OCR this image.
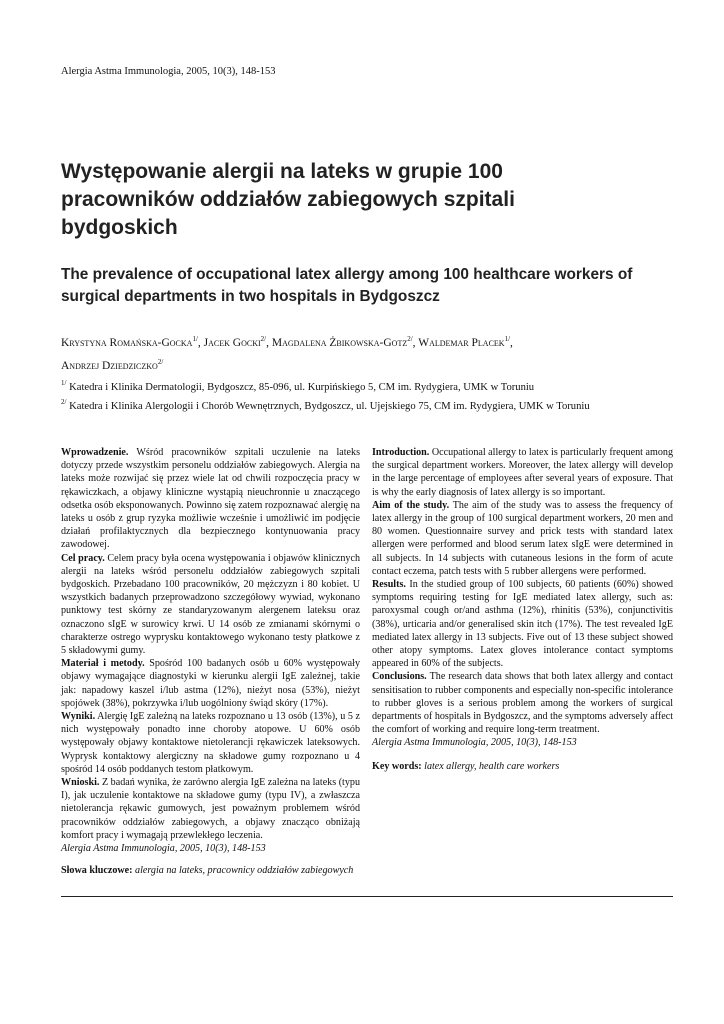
Alergia Astma Immunologia, 2005, 10(3), 148-153
Występowanie alergii na lateks w grupie 100 pracowników oddziałów zabiegowych szpitali bydgoskich
The prevalence of occupational latex allergy among 100 healthcare workers of surgical departments in two hospitals in Bydgoszcz
Krystyna Romańska-Gocka$^{1/}$, Jacek Gocki$^{2/}$, Magdalena Żbikowska-Gotz$^{2/}$, Waldemar Placek$^{1/}$,
Andrzej Dziedziczko$^{2/}$
$^{1/}$ Katedra i Klinika Dermatologii, Bydgoszcz, 85-096, ul. Kurpińskiego 5, CM im. Rydygiera, UMK w Toruniu
$^{2/}$ Katedra i Klinika Alergologii i Chorób Wewnętrznych, Bydgoszcz, ul. Ujejskiego 75, CM im. Rydygiera, UMK w Toruniu

Wprowadzenie. Wśród pracowników szpitali uczulenie na lateks dotyczy przede wszystkim personelu oddziałów zabiegowych. Alergia na lateks może rozwijać się przez wiele lat od chwili rozpoczęcia pracy w rękawiczkach, a objawy kliniczne wystąpią nieuchronnie u znaczącego odsetka osób eksponowanych. Powinno się zatem rozpoznawać alergię na lateks u osób z grup ryzyka możliwie wcześnie i umożliwić im podjęcie działań profilaktycznych dla bezpiecznego kontynuowania pracy zawodowej.

Cel pracy. Celem pracy była ocena występowania i objawów klinicznych alergii na lateks wśród personelu oddziałów zabiegowych szpitali bydgoskich. Przebadano 100 pracowników, 20 mężczyzn i 80 kobiet. U wszystkich badanych przeprowadzono szczegółowy wywiad, wykonano punktowy test skórny ze standaryzowanym alergenem lateksu oraz oznaczono sIgE w surowicy krwi. U 14 osób ze zmianami skórnymi o charakterze ostrego wyprysku kontaktowego wykonano testy płatkowe z 5 składowymi gumy.

Materiał i metody. Spośród 100 badanych osób u 60% występowały objawy wymagające diagnostyki w kierunku alergii IgE zależnej, takie jak: napadowy kaszel i/lub astma (12%), nieżyt nosa (53%), nieżyt spojówek (38%), pokrzywka i/lub uogólniony świąd skóry (17%).

Wyniki. Alergię IgE zależną na lateks rozpoznano u 13 osób (13%), u 5 z nich występowały ponadto inne choroby atopowe. U 60% osób występowały objawy kontaktowe nietolerancji rękawiczek lateksowych. Wyprysk kontaktowy alergiczny na składowe gumy rozpoznano u 4 spośród 14 osób poddanych testom płatkowym.

Wnioski. Z badań wynika, że zarówno alergia IgE zależna na lateks (typu I), jak uczulenie kontaktowe na składowe gumy (typu IV), a zwłaszcza nietolerancja rękawic gumowych, jest poważnym problemem wśród pracowników oddziałów zabiegowych, a objawy znacząco obniżają komfort pracy i wymagają przewlekłego leczenia.
Alergia Astma Immunologia, 2005, 10(3), 148-153

Słowa kluczowe: alergia na lateks, pracownicy oddziałów zabiegowych

Introduction. Occupational allergy to latex is particularly frequent among the surgical department workers. Moreover, the latex allergy will develop in the large percentage of employees after several years of exposure. That is why the early diagnosis of latex allergy is so important.

Aim of the study. The aim of the study was to assess the frequency of latex allergy in the group of 100 surgical department workers, 20 men and 80 women. Questionnaire survey and prick tests with standard latex allergen were performed and blood serum latex sIgE were determined in all subjects. In 14 subjects with cutaneous lesions in the form of acute contact eczema, patch tests with 5 rubber allergens were performed.

Results. In the studied group of 100 subjects, 60 patients (60%) showed symptoms requiring testing for IgE mediated latex allergy, such as: paroxysmal cough or/and asthma (12%), rhinitis (53%), conjunctivitis (38%), urticaria and/or generalised skin itch (17%). The test revealed IgE mediated latex allergy in 13 subjects. Five out of 13 these subject showed other atopy symptoms. Latex gloves intolerance contact symptoms appeared in 60% of the subjects.

Conclusions. The research data shows that both latex allergy and contact sensitisation to rubber components and especially non-specific intolerance to rubber gloves is a serious problem among the workers of surgical departments of hospitals in Bydgoszcz, and the symptoms adversely affect the comfort of working and require long-term treatment.
Alergia Astma Immunologia, 2005, 10(3), 148-153

Key words: latex allergy, health care workers
